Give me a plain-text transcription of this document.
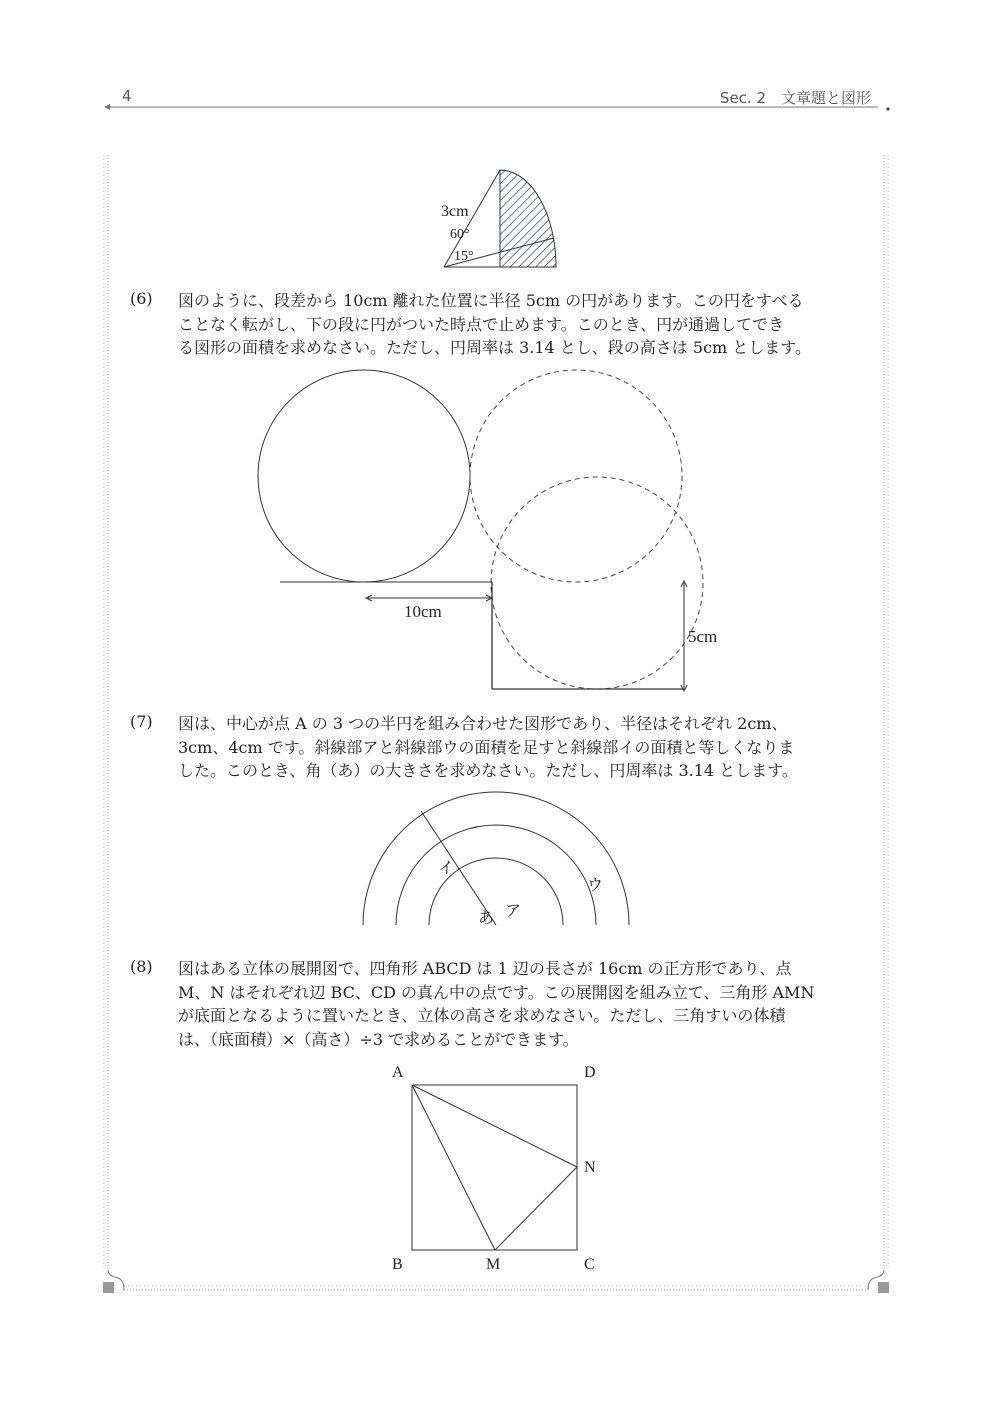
4	Sec. 2　文章題と図形
3cm
60°
15°
(6) 図のように、段差から 10cm 離れた位置に半径 5cm の円があります。この円をすべる
ことなく転がし、下の段に円がついた時点で止めます。このとき、円が通過してでき
る図形の面積を求めなさい。ただし、円周率は 3.14 とし、段の高さは 5cm とします。
10cm
5cm
(7) 図は、中心が点 A の 3 つの半円を組み合わせた図形であり、半径はそれぞれ 2cm、
3cm、4cm です。斜線部アと斜線部ウの面積を足すと斜線部イの面積と等しくなりま
した。このとき、角（あ）の大きさを求めなさい。ただし、円周率は 3.14 とします。
イ
ウ
あ ア
(8) 図はある立体の展開図で、四角形 ABCD は 1 辺の長さが 16cm の正方形であり、点
M、N はそれぞれ辺 BC、CD の真ん中の点です。この展開図を組み立て、三角形 AMN
が底面となるように置いたとき、立体の高さを求めなさい。ただし、三角すいの体積
は、（底面積）×（高さ）÷3 で求めることができます。
A	D
N
B	M	C
